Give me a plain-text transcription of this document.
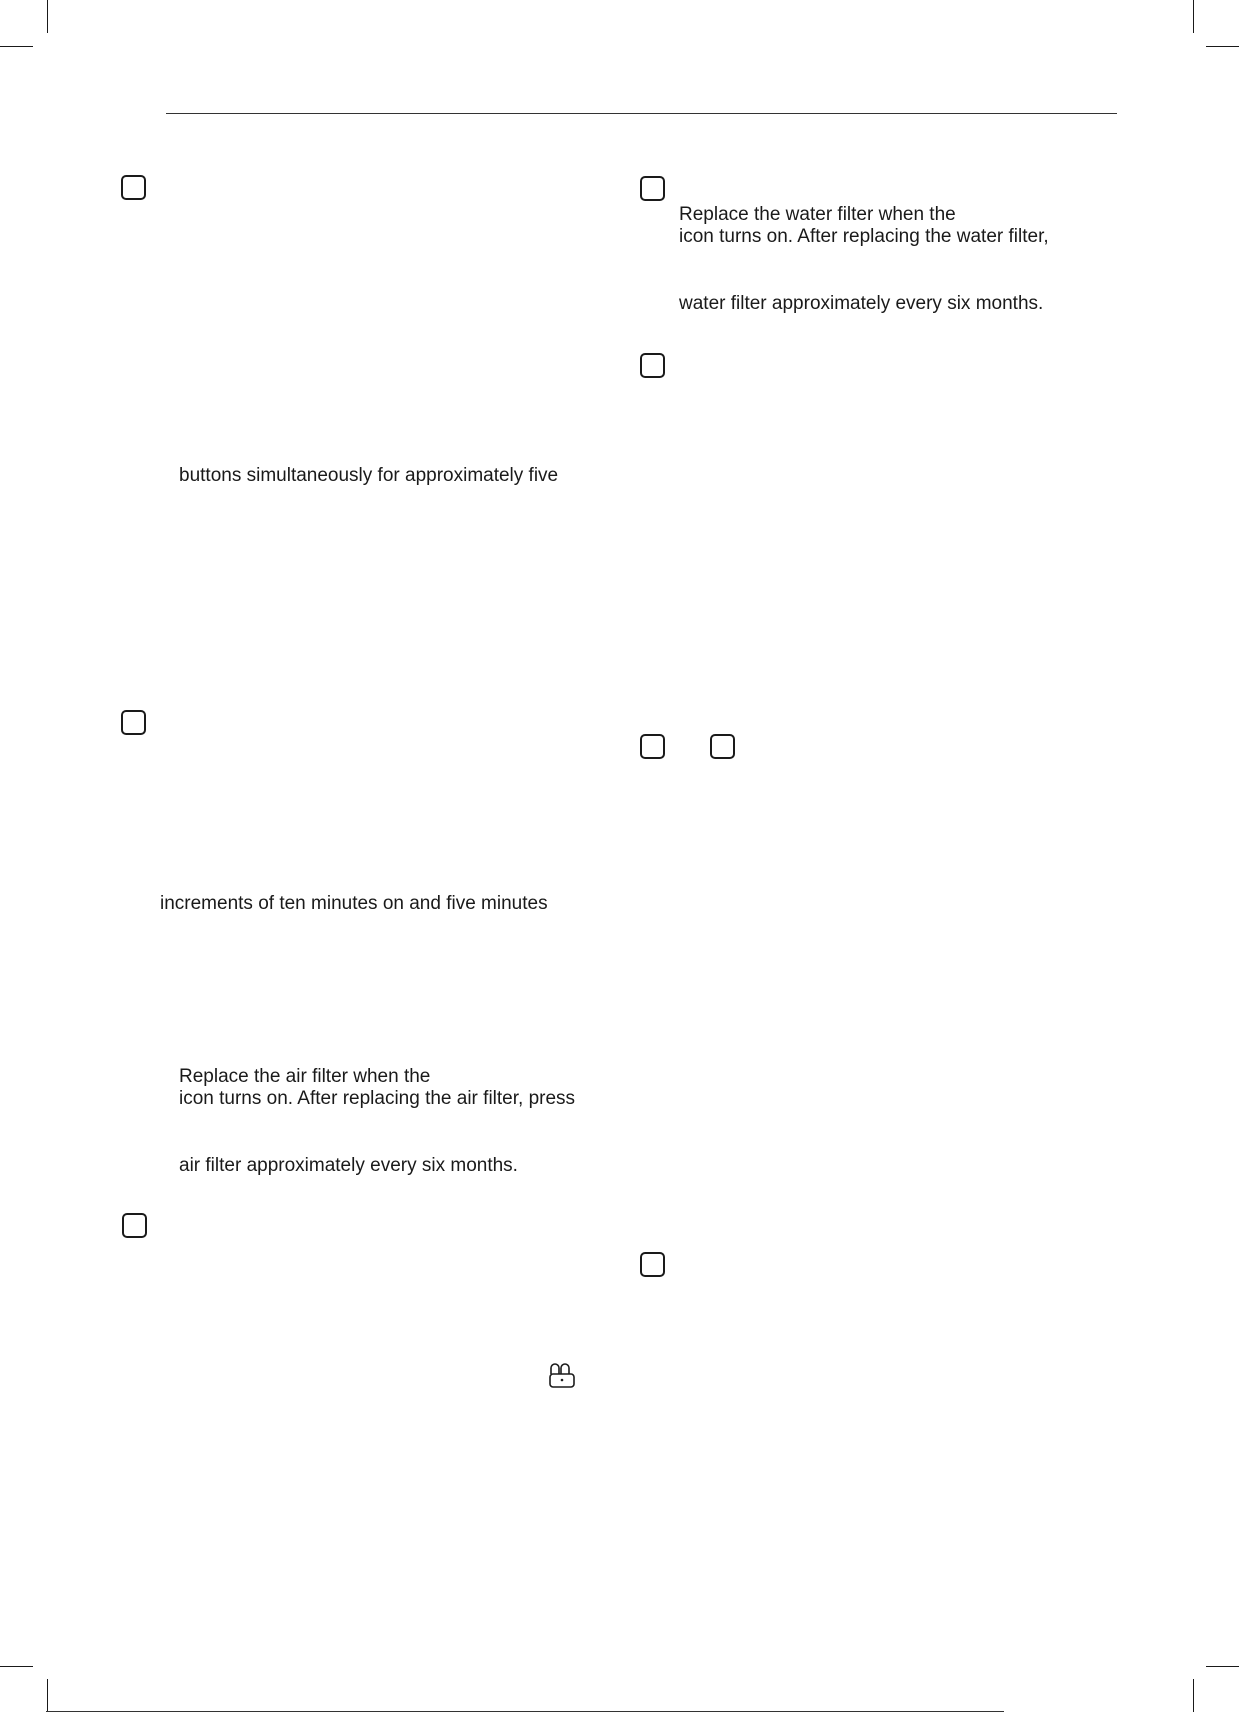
buttons simultaneously for approximately five
increments of ten minutes on and five minutes
Replace the air filter when the
icon turns on. After replacing the air filter, press
air filter approximately every six months.
Replace the water filter when the
icon turns on. After replacing the water filter,
water filter approximately every six months.
